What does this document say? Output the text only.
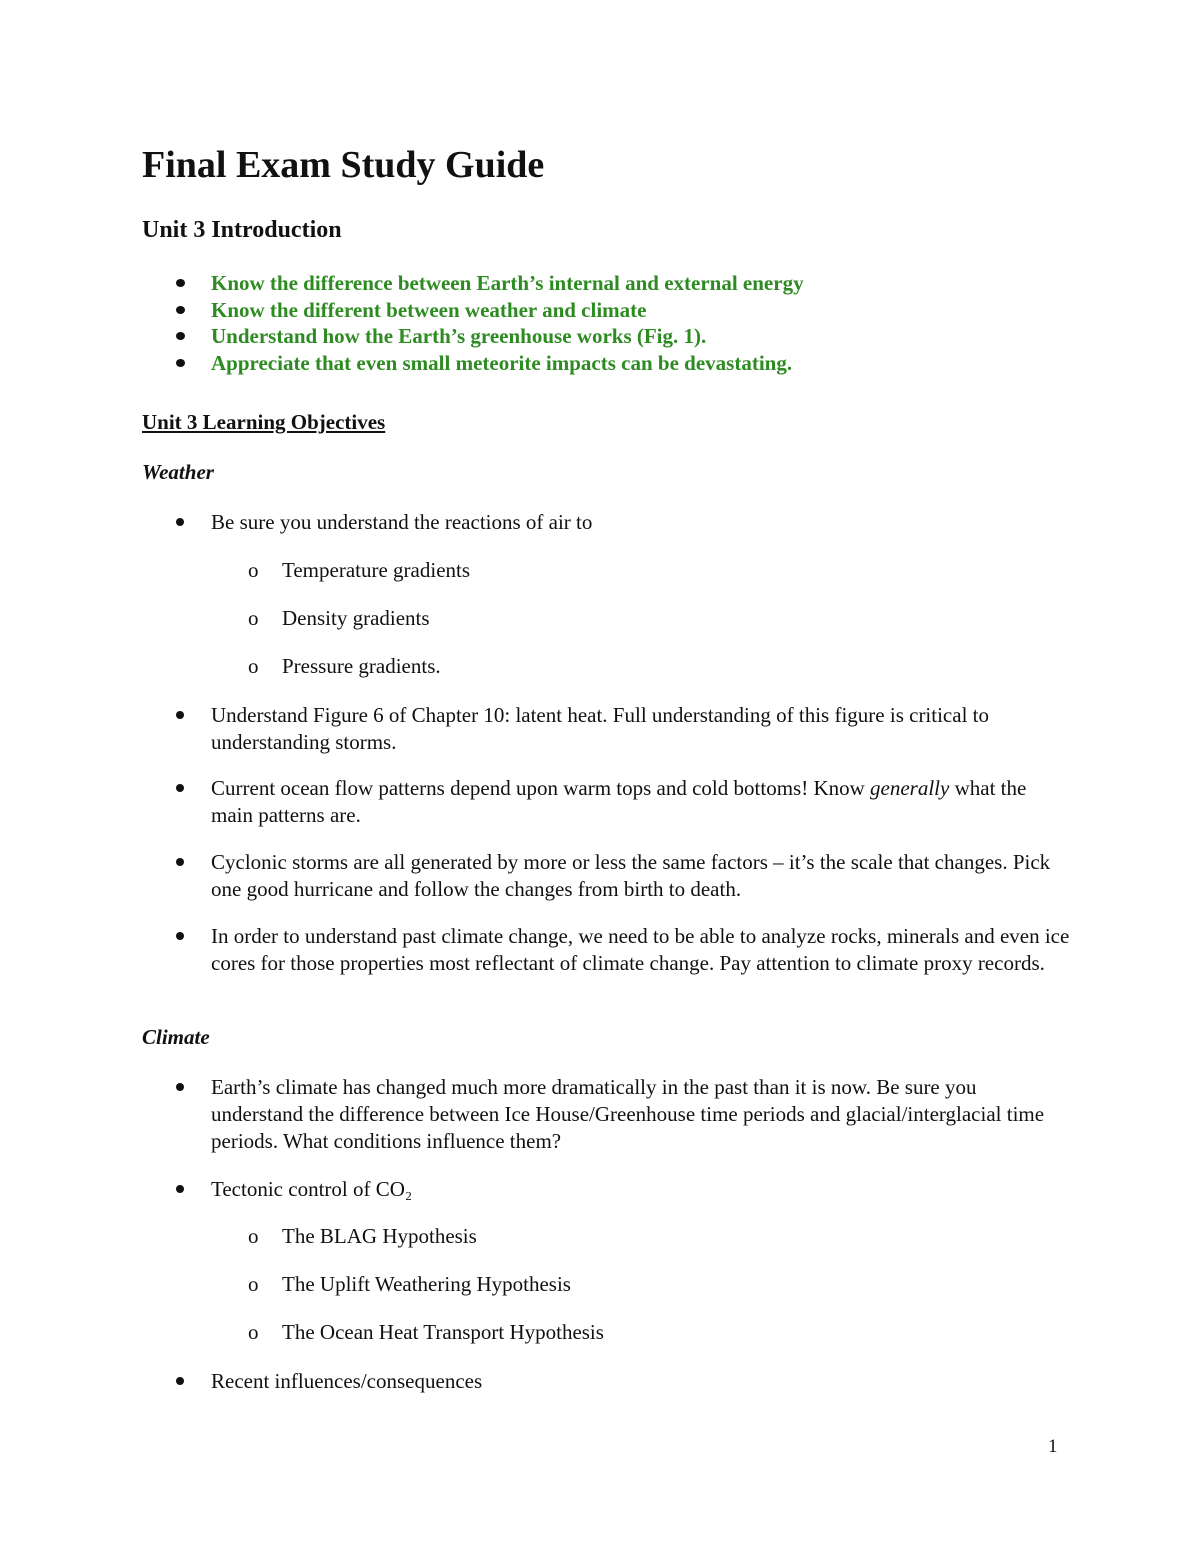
Final Exam Study Guide
Unit 3 Introduction
Know the difference between Earth’s internal and external energy
Know the different between weather and climate
Understand how the Earth’s greenhouse works (Fig. 1).
Appreciate that even small meteorite impacts can be devastating.
Unit 3 Learning Objectives
Weather
Be sure you understand the reactions of air to
o Temperature gradients
o Density gradients
o Pressure gradients.
Understand Figure 6 of Chapter 10: latent heat. Full understanding of this figure is critical to understanding storms.
Current ocean flow patterns depend upon warm tops and cold bottoms! Know generally what the main patterns are.
Cyclonic storms are all generated by more or less the same factors – it’s the scale that changes. Pick one good hurricane and follow the changes from birth to death.
In order to understand past climate change, we need to be able to analyze rocks, minerals and even ice cores for those properties most reflectant of climate change. Pay attention to climate proxy records.
Climate
Earth’s climate has changed much more dramatically in the past than it is now. Be sure you understand the difference between Ice House/Greenhouse time periods and glacial/interglacial time periods. What conditions influence them?
Tectonic control of CO₂
o The BLAG Hypothesis
o The Uplift Weathering Hypothesis
o The Ocean Heat Transport Hypothesis
Recent influences/consequences
1
